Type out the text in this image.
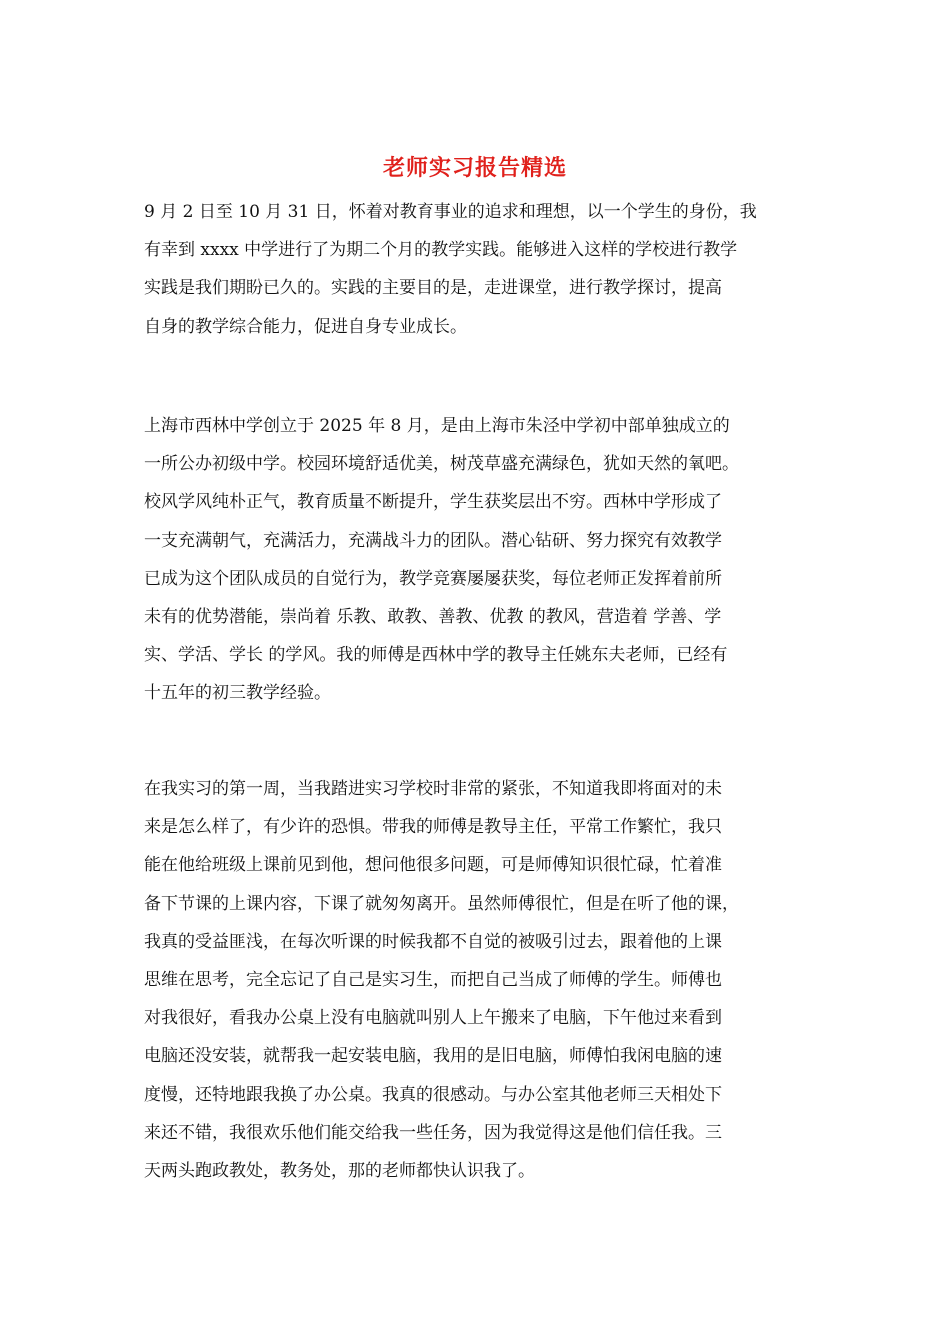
老师实习报告精选
9 月 2 日至 10 月 31 日，怀着对教育事业的追求和理想，以一个学生的身份，我
有幸到 xxxx 中学进行了为期二个月的教学实践。能够进入这样的学校进行教学
实践是我们期盼已久的。实践的主要目的是，走进课堂，进行教学探讨，提高
自身的教学综合能力，促进自身专业成长。
上海市西林中学创立于 2025 年 8 月，是由上海市朱泾中学初中部单独成立的
一所公办初级中学。校园环境舒适优美，树茂草盛充满绿色，犹如天然的氧吧。
校风学风纯朴正气，教育质量不断提升，学生获奖层出不穷。西林中学形成了
一支充满朝气，充满活力，充满战斗力的团队。潜心钻研、努力探究有效教学
已成为这个团队成员的自觉行为，教学竞赛屡屡获奖，每位老师正发挥着前所
未有的优势潜能，崇尚着 乐教、敢教、善教、优教 的教风，营造着 学善、学
实、学活、学长 的学风。我的师傅是西林中学的教导主任姚东夫老师，已经有
十五年的初三教学经验。
在我实习的第一周，当我踏进实习学校时非常的紧张，不知道我即将面对的未
来是怎么样了，有少许的恐惧。带我的师傅是教导主任，平常工作繁忙，我只
能在他给班级上课前见到他，想问他很多问题，可是师傅知识很忙碌，忙着准
备下节课的上课内容，下课了就匆匆离开。虽然师傅很忙，但是在听了他的课，
我真的受益匪浅，在每次听课的时候我都不自觉的被吸引过去，跟着他的上课
思维在思考，完全忘记了自己是实习生，而把自己当成了师傅的学生。师傅也
对我很好，看我办公桌上没有电脑就叫别人上午搬来了电脑，下午他过来看到
电脑还没安装，就帮我一起安装电脑，我用的是旧电脑，师傅怕我闲电脑的速
度慢，还特地跟我换了办公桌。我真的很感动。与办公室其他老师三天相处下
来还不错，我很欢乐他们能交给我一些任务，因为我觉得这是他们信任我。三
天两头跑政教处，教务处，那的老师都快认识我了。
